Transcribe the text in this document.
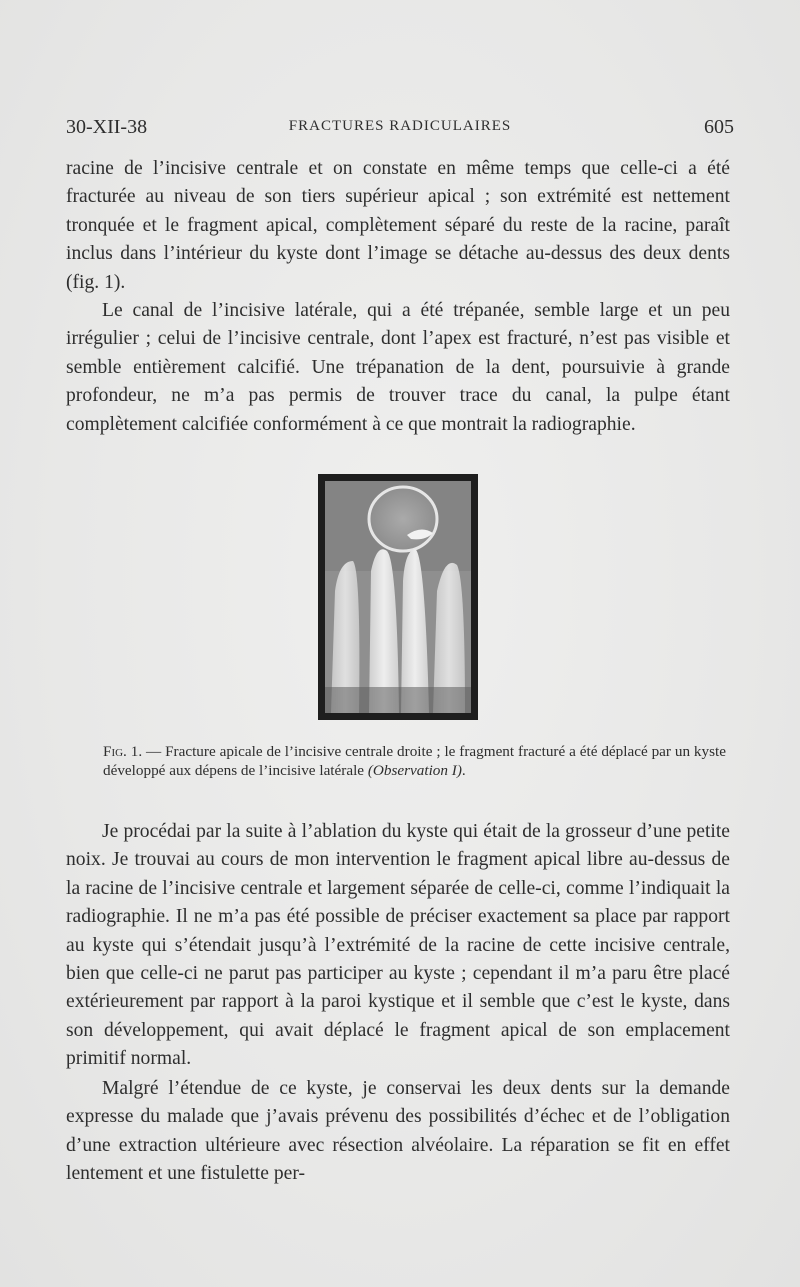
30-XII-38	FRACTURES RADICULAIRES	605

racine de l’incisive centrale et on constate en même temps que celle-ci a été fracturée au niveau de son tiers supérieur apical ; son extrémité est nettement tronquée et le fragment apical, complètement séparé du reste de la racine, paraît inclus dans l’intérieur du kyste dont l’image se détache au-dessus des deux dents (fig. 1).

Le canal de l’incisive latérale, qui a été trépanée, semble large et un peu irrégulier ; celui de l’incisive centrale, dont l’apex est fracturé, n’est pas visible et semble entièrement calcifié. Une trépanation de la dent, poursuivie à grande profondeur, ne m’a pas permis de trouver trace du canal, la pulpe étant complètement calcifiée conformément à ce que montrait la radiographie.

Fig. 1. — Fracture apicale de l’incisive centrale droite ; le fragment fracturé a été déplacé par un kyste développé aux dépens de l’incisive latérale (Observation I).

Je procédai par la suite à l’ablation du kyste qui était de la grosseur d’une petite noix. Je trouvai au cours de mon intervention le fragment apical libre au-dessus de la racine de l’incisive centrale et largement séparée de celle-ci, comme l’indiquait la radiographie. Il ne m’a pas été possible de préciser exactement sa place par rapport au kyste qui s’étendait jusqu’à l’extrémité de la racine de cette incisive centrale, bien que celle-ci ne parut pas participer au kyste ; cependant il m’a paru être placé extérieurement par rapport à la paroi kystique et il semble que c’est le kyste, dans son développement, qui avait déplacé le fragment apical de son emplacement primitif normal.

Malgré l’étendue de ce kyste, je conservai les deux dents sur la demande expresse du malade que j’avais prévenu des possibilités d’échec et de l’obligation d’une extraction ultérieure avec résection alvéolaire. La réparation se fit en effet lentement et une fistulette per-
